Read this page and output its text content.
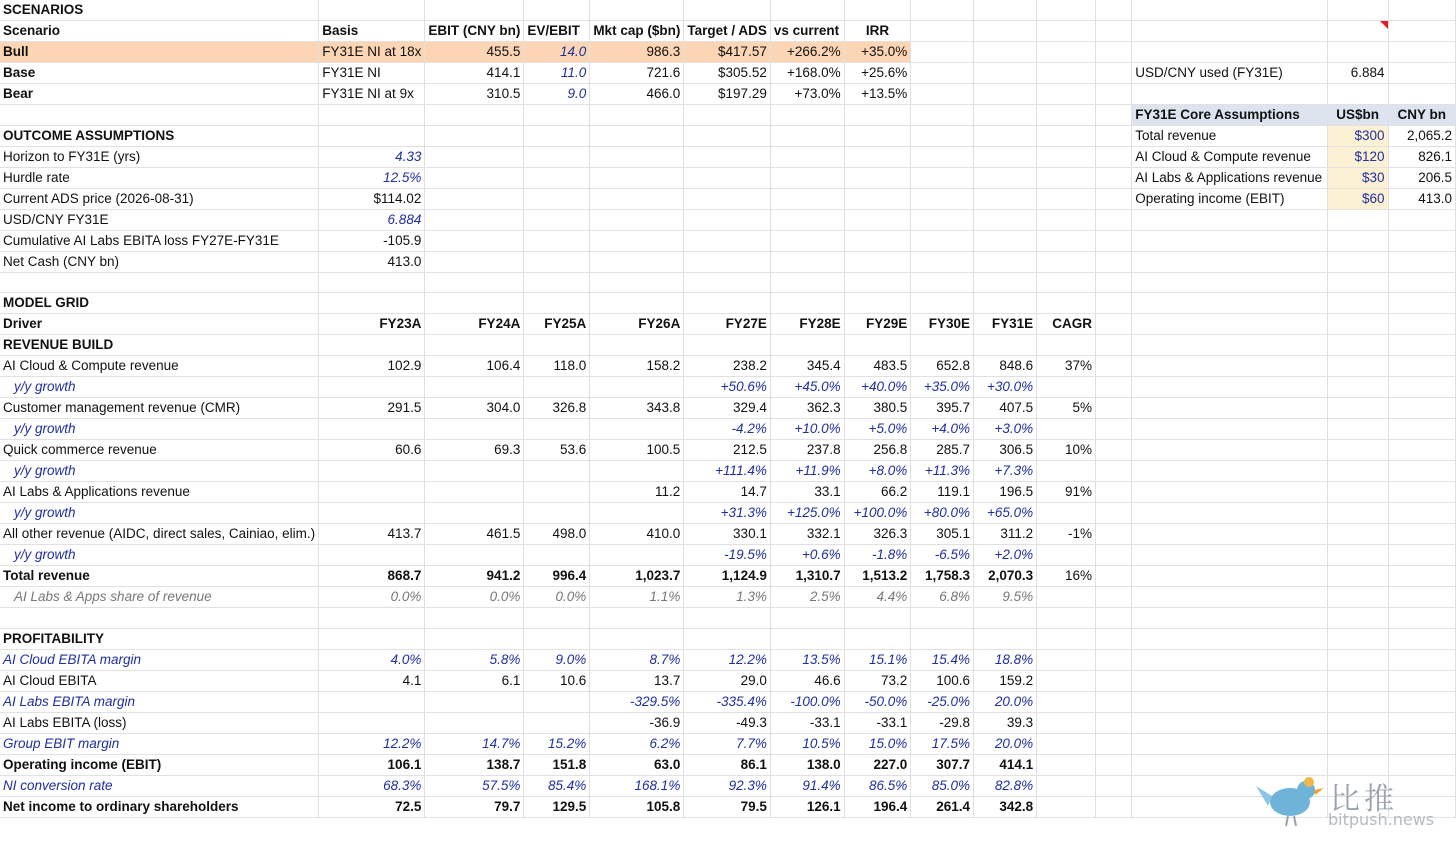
SCENARIOS														
Scenario	Basis	EBIT (CNY bn)	EV/EBIT	Mkt cap ($bn)	Target / ADS	vs current	IRR							
Bull	FY31E NI at 18x	455.5	14.0	986.3	$417.57	+266.2%	+35.0%							
Base	FY31E NI	414.1	11.0	721.6	$305.52	+168.0%	+25.6%					USD/CNY used (FY31E)	6.884	
Bear	FY31E NI at 9x	310.5	9.0	466.0	$197.29	+73.0%	+13.5%							
												FY31E Core Assumptions	US$bn	CNY bn
OUTCOME ASSUMPTIONS												Total revenue	$300	2,065.2
Horizon to FY31E (yrs)	4.33											AI Cloud & Compute revenue	$120	826.1
Hurdle rate	12.5%											AI Labs & Applications revenue	$30	206.5
Current ADS price (2026-08-31)	$114.02											Operating income (EBIT)	$60	413.0
USD/CNY FY31E	6.884													
Cumulative AI Labs EBITA loss FY27E-FY31E	-105.9													
Net Cash (CNY bn)	413.0													

MODEL GRID														
Driver	FY23A	FY24A	FY25A	FY26A	FY27E	FY28E	FY29E	FY30E	FY31E	CAGR				
REVENUE BUILD														
AI Cloud & Compute revenue	102.9	106.4	118.0	158.2	238.2	345.4	483.5	652.8	848.6	37%				
y/y growth					+50.6%	+45.0%	+40.0%	+35.0%	+30.0%					
Customer management revenue (CMR)	291.5	304.0	326.8	343.8	329.4	362.3	380.5	395.7	407.5	5%				
y/y growth					-4.2%	+10.0%	+5.0%	+4.0%	+3.0%					
Quick commerce revenue	60.6	69.3	53.6	100.5	212.5	237.8	256.8	285.7	306.5	10%				
y/y growth					+111.4%	+11.9%	+8.0%	+11.3%	+7.3%					
AI Labs & Applications revenue				11.2	14.7	33.1	66.2	119.1	196.5	91%				
y/y growth					+31.3%	+125.0%	+100.0%	+80.0%	+65.0%					
All other revenue (AIDC, direct sales, Cainiao, elim.)	413.7	461.5	498.0	410.0	330.1	332.1	326.3	305.1	311.2	-1%				
y/y growth					-19.5%	+0.6%	-1.8%	-6.5%	+2.0%					
Total revenue	868.7	941.2	996.4	1,023.7	1,124.9	1,310.7	1,513.2	1,758.3	2,070.3	16%				
AI Labs & Apps share of revenue	0.0%	0.0%	0.0%	1.1%	1.3%	2.5%	4.4%	6.8%	9.5%					

PROFITABILITY														
AI Cloud EBITA margin	4.0%	5.8%	9.0%	8.7%	12.2%	13.5%	15.1%	15.4%	18.8%					
AI Cloud EBITA	4.1	6.1	10.6	13.7	29.0	46.6	73.2	100.6	159.2					
AI Labs EBITA margin				-329.5%	-335.4%	-100.0%	-50.0%	-25.0%	20.0%					
AI Labs EBITA (loss)				-36.9	-49.3	-33.1	-33.1	-29.8	39.3					
Group EBIT margin	12.2%	14.7%	15.2%	6.2%	7.7%	10.5%	15.0%	17.5%	20.0%					
Operating income (EBIT)	106.1	138.7	151.8	63.0	86.1	138.0	227.0	307.7	414.1					
NI conversion rate	68.3%	57.5%	85.4%	168.1%	92.3%	91.4%	86.5%	85.0%	82.8%					
Net income to ordinary shareholders	72.5	79.7	129.5	105.8	79.5	126.1	196.4	261.4	342.8						比推
bitpush.news
